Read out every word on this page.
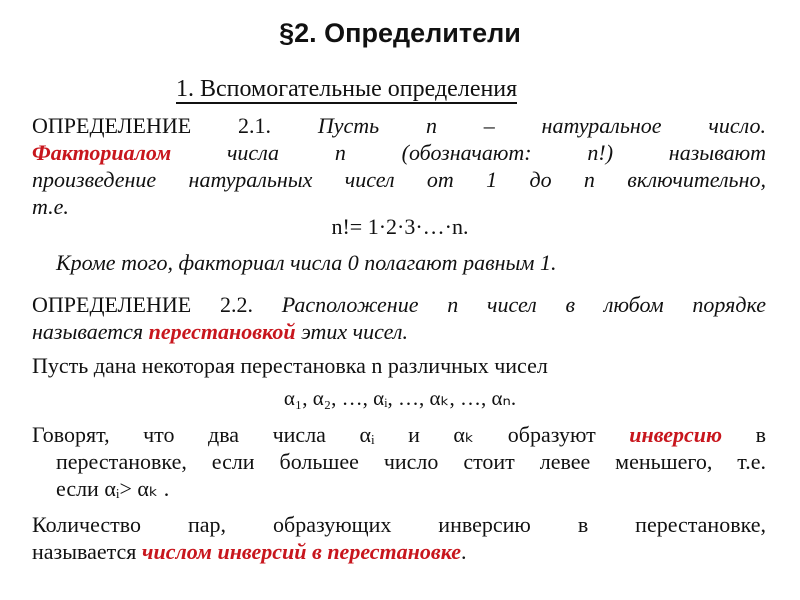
§2. Определители
1. Вспомогательные определения
ОПРЕДЕЛЕНИЕ 2.1. Пусть n – натуральное число.
Факториалом числа n (обозначают: n!) называют
произведение натуральных чисел от 1 до n включительно,
т.е.
n!= 1·2·3·…·n.
Кроме того, факториал числа 0 полагают равным 1.
ОПРЕДЕЛЕНИЕ 2.2. Расположение n чисел в любом порядке
называется перестановкой этих чисел.
Пусть дана некоторая перестановка n различных чисел
α₁, α₂, …, αᵢ, …, αₖ, …, αₙ.
Говорят, что два числа αᵢ и αₖ образуют инверсию в
перестановке, если большее число стоит левее меньшего, т.е.
если αᵢ> αₖ .
Количество пар, образующих инверсию в перестановке,
называется числом инверсий в перестановке.
